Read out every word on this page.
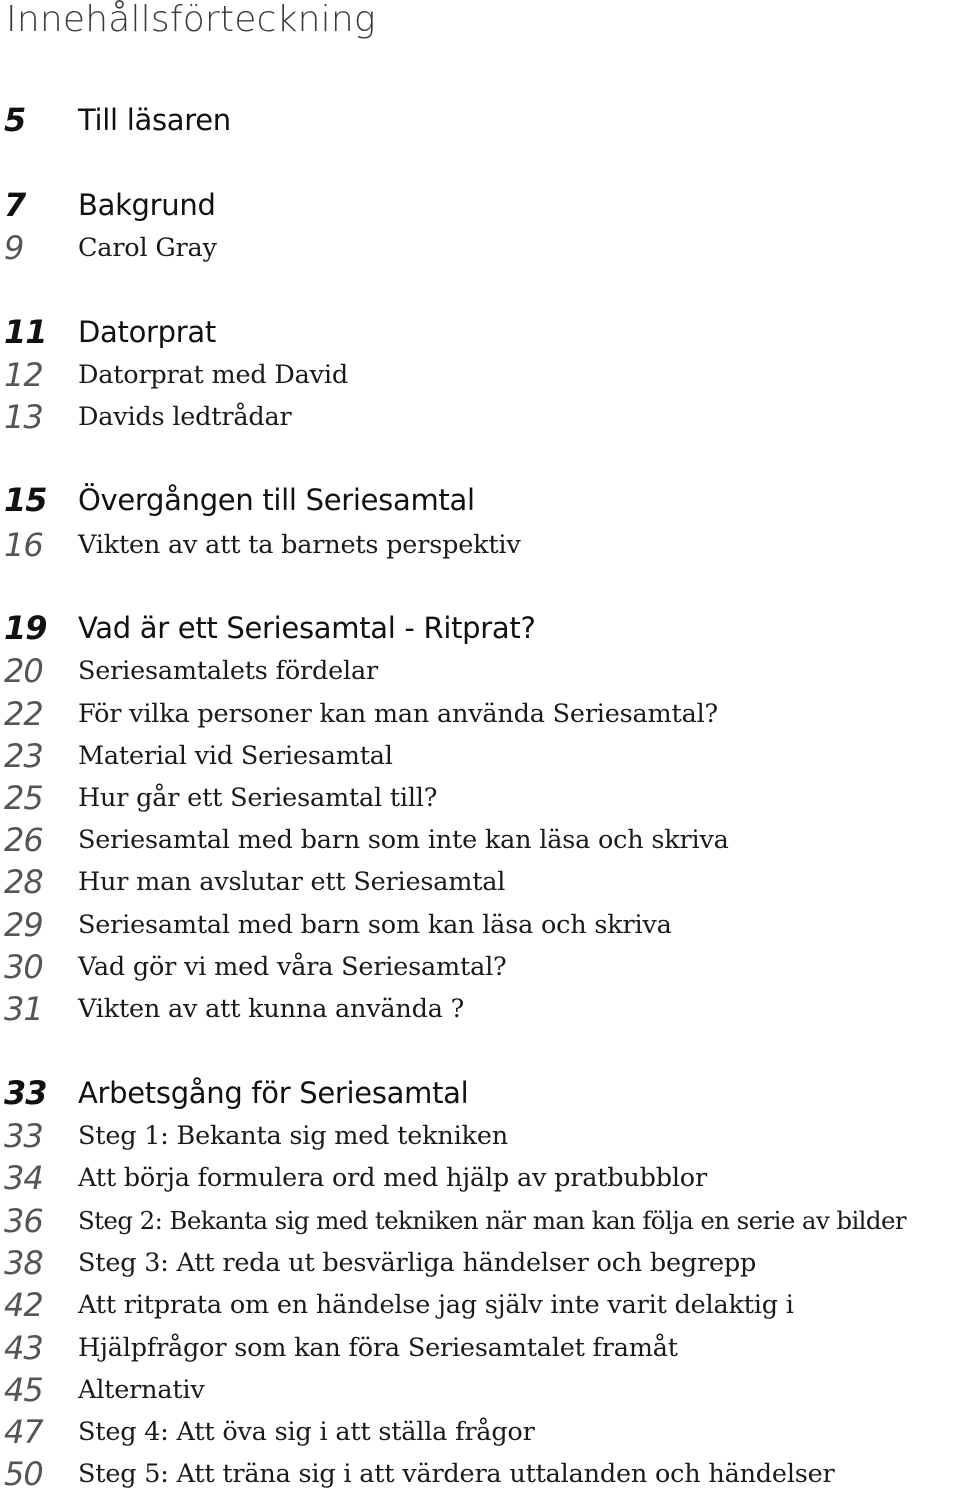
Innehållsförteckning
5	Till läsaren
7	Bakgrund
9	Carol Gray
11	Datorprat
12	Datorprat med David
13	Davids ledtrådar
15	Övergången till Seriesamtal
16	Vikten av att ta barnets perspektiv
19	Vad är ett Seriesamtal - Ritprat?
20	Seriesamtalets fördelar
22	För vilka personer kan man använda Seriesamtal?
23	Material vid Seriesamtal
25	Hur går ett Seriesamtal till?
26	Seriesamtal med barn som inte kan läsa och skriva
28	Hur man avslutar ett Seriesamtal
29	Seriesamtal med barn som kan läsa och skriva
30	Vad gör vi med våra Seriesamtal?
31	Vikten av att kunna använda ?
33	Arbetsgång för Seriesamtal
33	Steg 1: Bekanta sig med tekniken
34	Att börja formulera ord med hjälp av pratbubblor
36	Steg 2: Bekanta sig med tekniken när man kan följa en serie av bilder
38	Steg 3: Att reda ut besvärliga händelser och begrepp
42	Att ritprata om en händelse jag själv inte varit delaktig i
43	Hjälpfrågor som kan föra Seriesamtalet framåt
45	Alternativ
47	Steg 4: Att öva sig i att ställa frågor
50	Steg 5: Att träna sig i att värdera uttalanden och händelser
